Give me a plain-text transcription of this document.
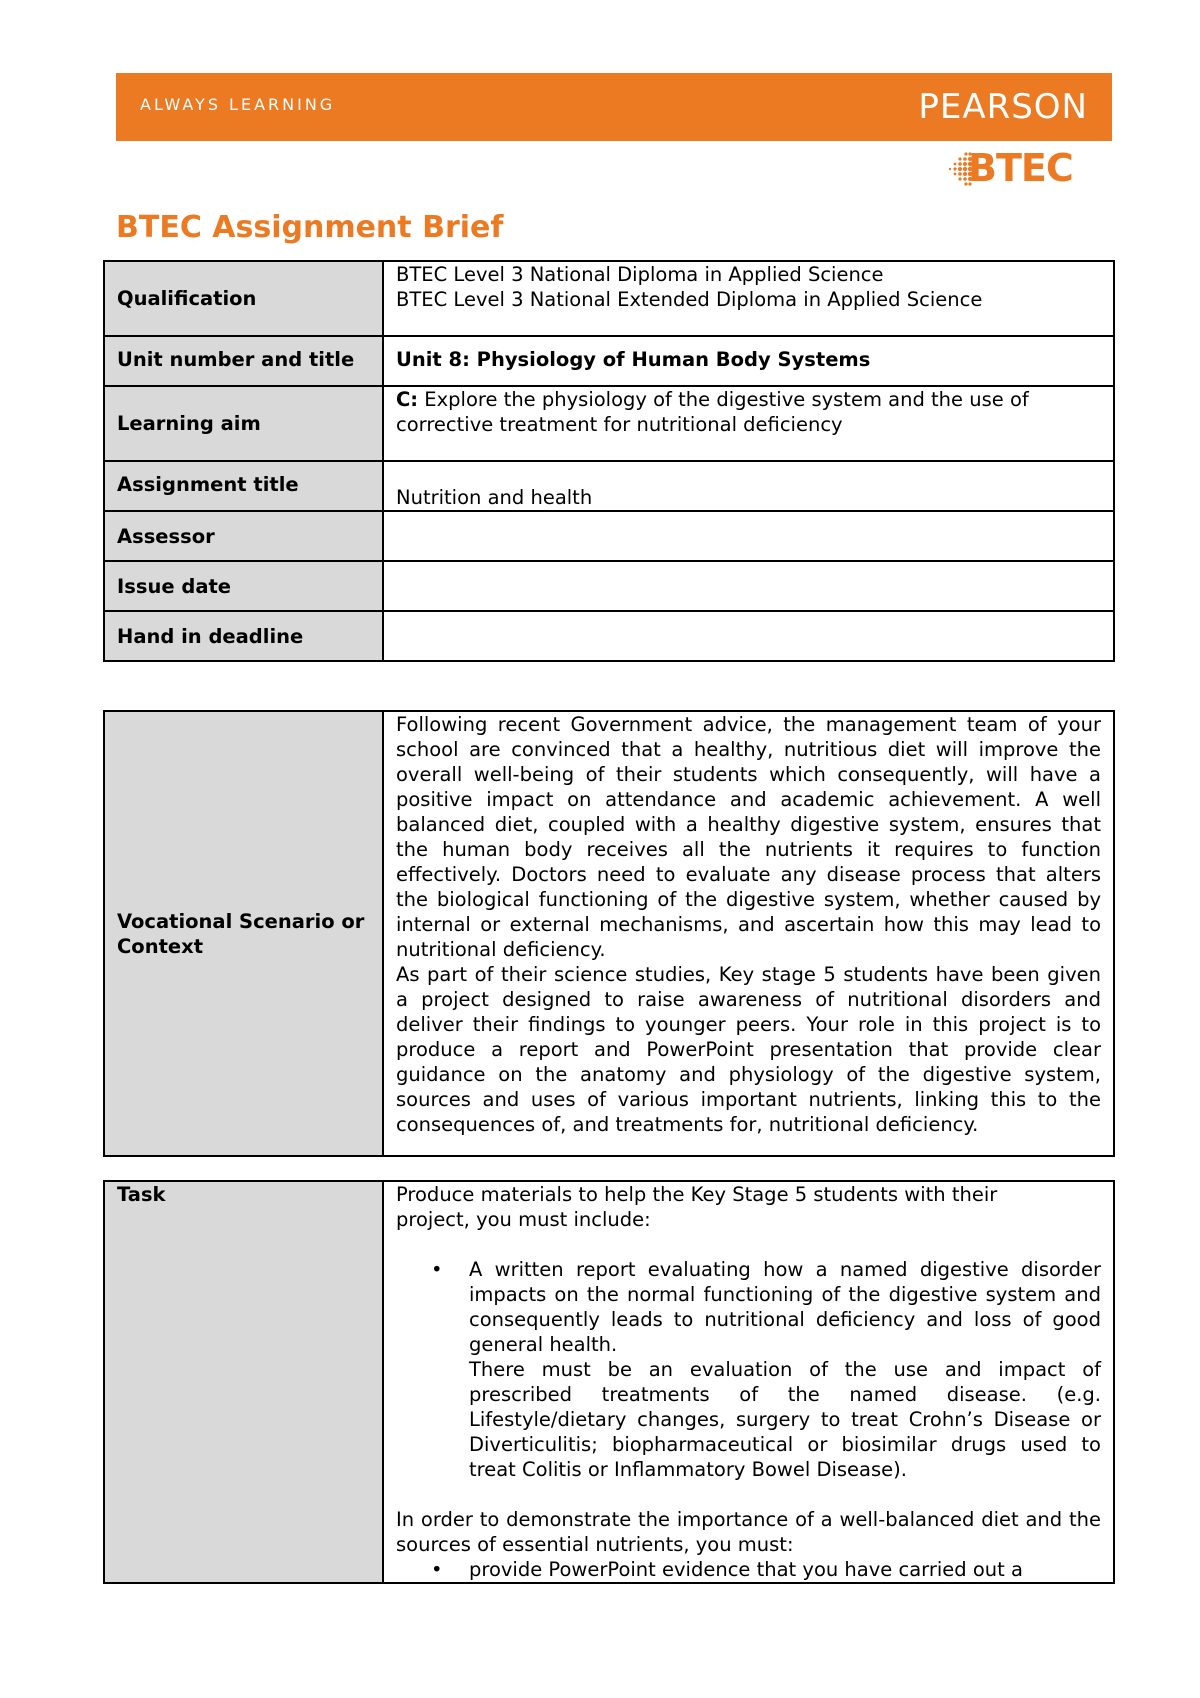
ALWAYS LEARNING	PEARSON
BTEC
BTEC Assignment Brief
Qualification	BTEC Level 3 National Diploma in Applied Science
BTEC Level 3 National Extended Diploma in Applied Science

Unit number and title	Unit 8: Physiology of Human Body Systems
Learning aim	C: Explore the physiology of the digestive system and the use of corrective treatment for nutritional deficiency
Assignment title	Nutrition and health
Assessor	
Issue date	
Hand in deadline	
Vocational Scenario or Context	
Following recent Government advice, the management team of your school are convinced that a healthy, nutritious diet will improve the overall well-being of their students which consequently, will have a positive impact on attendance and academic achievement. A well balanced diet, coupled with a healthy digestive system, ensures that the human body receives all the nutrients it requires to function effectively. Doctors need to evaluate any disease process that alters the biological functioning of the digestive system, whether caused by internal or external mechanisms, and ascertain how this may lead to nutritional deficiency.
As part of their science studies, Key stage 5 students have been given a project designed to raise awareness of nutritional disorders and deliver their findings to younger peers. Your role in this project is to produce a report and PowerPoint presentation that provide clear guidance on the anatomy and physiology of the digestive system, sources and uses of various important nutrients, linking this to the consequences of, and treatments for, nutritional deficiency.
Task	Produce materials to help the Key Stage 5 students with their
project, you must include:
• A written report evaluating how a named digestive disorder impacts on the normal functioning of the digestive system and consequently leads to nutritional deficiency and loss of good general health.
There must be an evaluation of the use and impact of prescribed treatments of the named disease. (e.g. Lifestyle/dietary changes, surgery to treat Crohn’s Disease or Diverticulitis; biopharmaceutical or biosimilar drugs used to treat Colitis or Inflammatory Bowel Disease).
In order to demonstrate the importance of a well-balanced diet and the sources of essential nutrients, you must:
• provide PowerPoint evidence that you have carried out a
